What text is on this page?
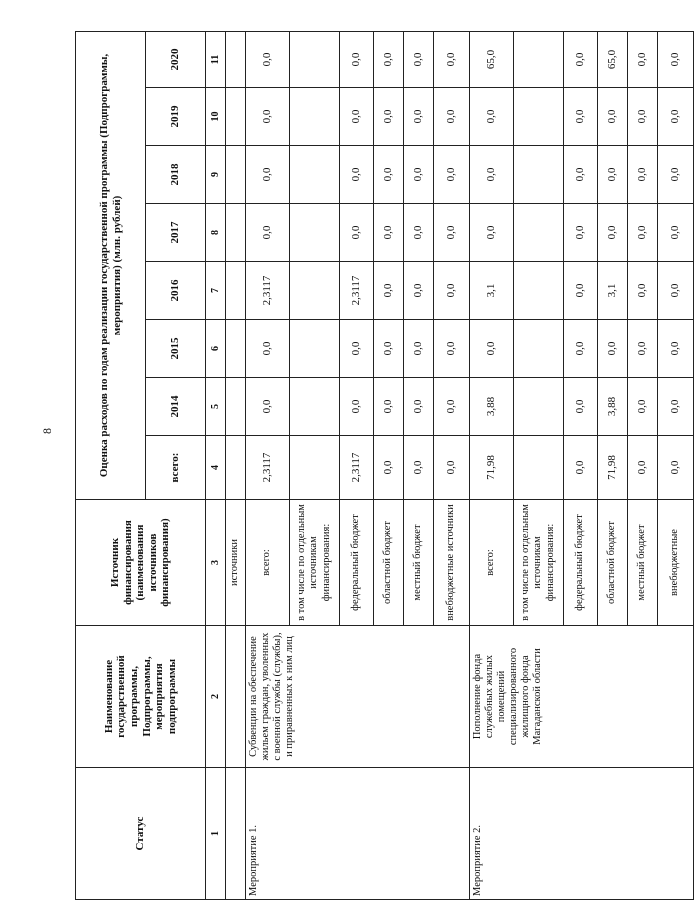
8
Статус	Наименование государственной программы, Подпрограммы, мероприятия подпрограммы	Источник финансирования (наименования источников финансирования)	Оценка расходов по годам реализации государственной программы (Подпрограммы, мероприятия) (млн. рублей)							
			всего:	2014	2015	2016	2017	2018	2019	2020
1	2	3	4	5	6	7	8	9	10	11
		источники								
Мероприятие 1.	Субвенции на обеспечение жильем граждан, уволенных с военной службы (службы), и приравненных к ним лиц	всего:	2,3117	0,0	0,0	2,3117	0,0	0,0	0,0	0,0
		в том числе по отдельным источникам финансирования:								
		федеральный бюджет	2,3117	0,0	0,0	2,3117	0,0	0,0	0,0	0,0
		областной бюджет	0,0	0,0	0,0	0,0	0,0	0,0	0,0	0,0
		местный бюджет	0,0	0,0	0,0	0,0	0,0	0,0	0,0	0,0
		внебюджетные источники	0,0	0,0	0,0	0,0	0,0	0,0	0,0	0,0
Мероприятие 2.	Пополнение фонда служебных жилых помещений специализированного жилищного фонда Магаданской области	всего:	71,98	3,88	0,0	3,1	0,0	0,0	0,0	65,0
		в том числе по отдельным источникам финансирования:								
		федеральный бюджет	0,0	0,0	0,0	0,0	0,0	0,0	0,0	0,0
		областной бюджет	71,98	3,88	0,0	3,1	0,0	0,0	0,0	65,0
		местный бюджет	0,0	0,0	0,0	0,0	0,0	0,0	0,0	0,0
		внебюджетные	0,0	0,0	0,0	0,0	0,0	0,0	0,0	0,0
